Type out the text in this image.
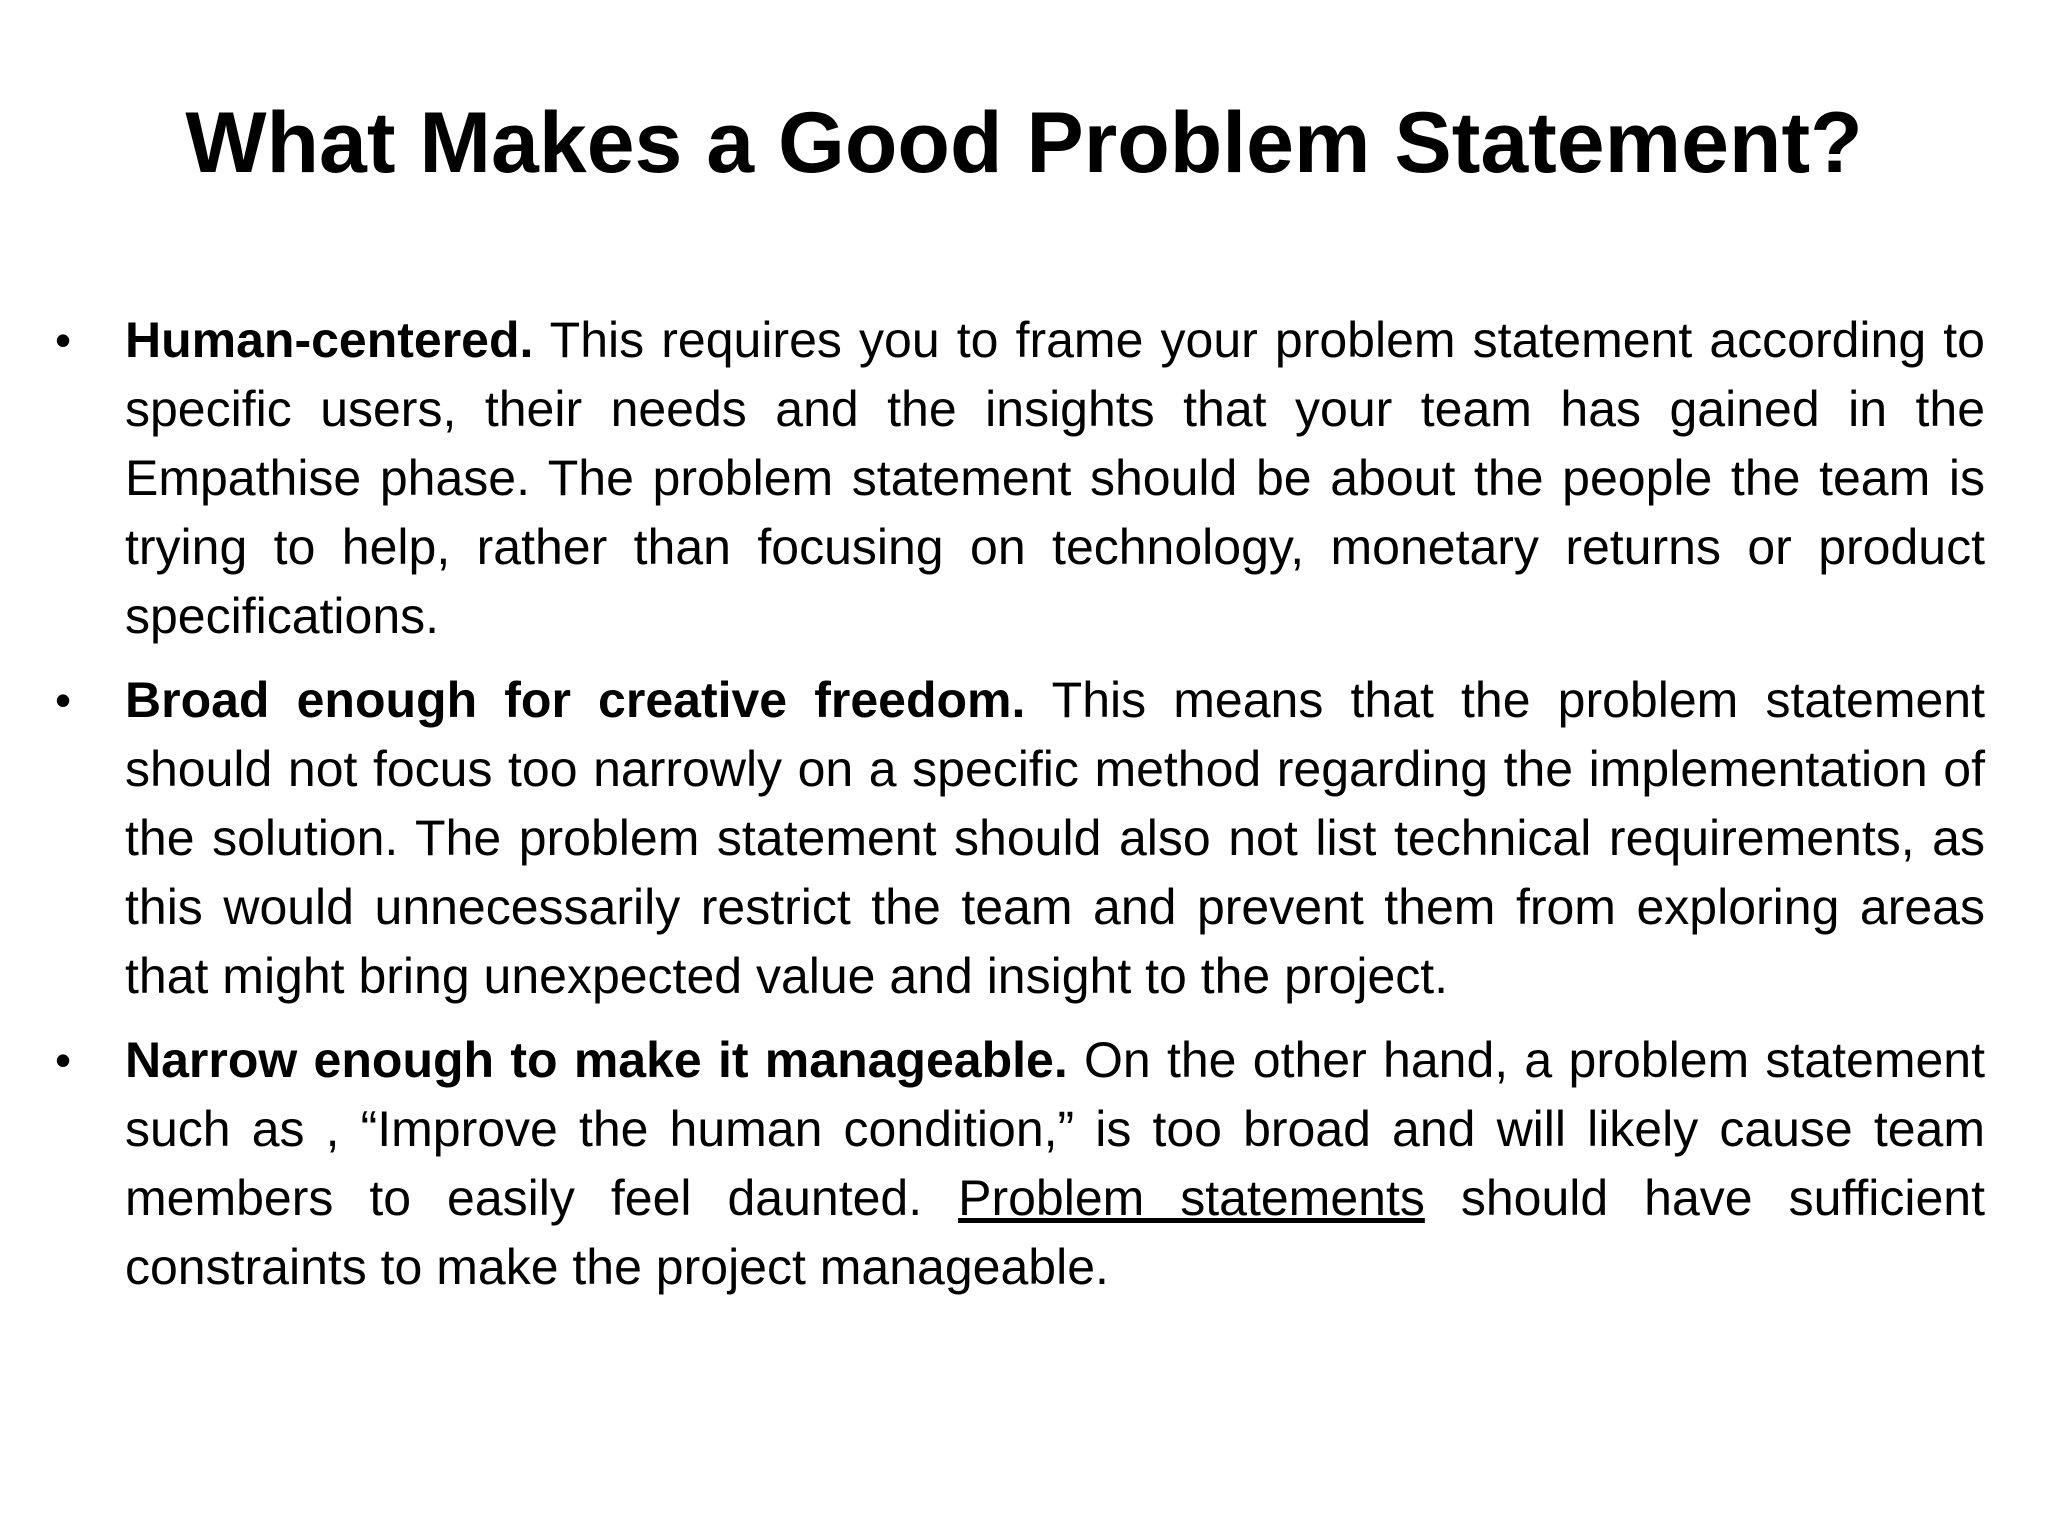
What Makes a Good Problem Statement?
•	Human-centered. This requires you to frame your problem statement according to specific users, their needs and the insights that your team has gained in the Empathise phase. The problem statement should be about the people the team is trying to help, rather than focusing on technology, monetary returns or product specifications.
•	Broad enough for creative freedom. This means that the problem statement should not focus too narrowly on a specific method regarding the implementation of the solution. The problem statement should also not list technical requirements, as this would unnecessarily restrict the team and prevent them from exploring areas that might bring unexpected value and insight to the project.
•	Narrow enough to make it manageable. On the other hand, a problem statement such as , “Improve the human condition,” is too broad and will likely cause team members to easily feel daunted. Problem statements should have sufficient constraints to make the project manageable.
